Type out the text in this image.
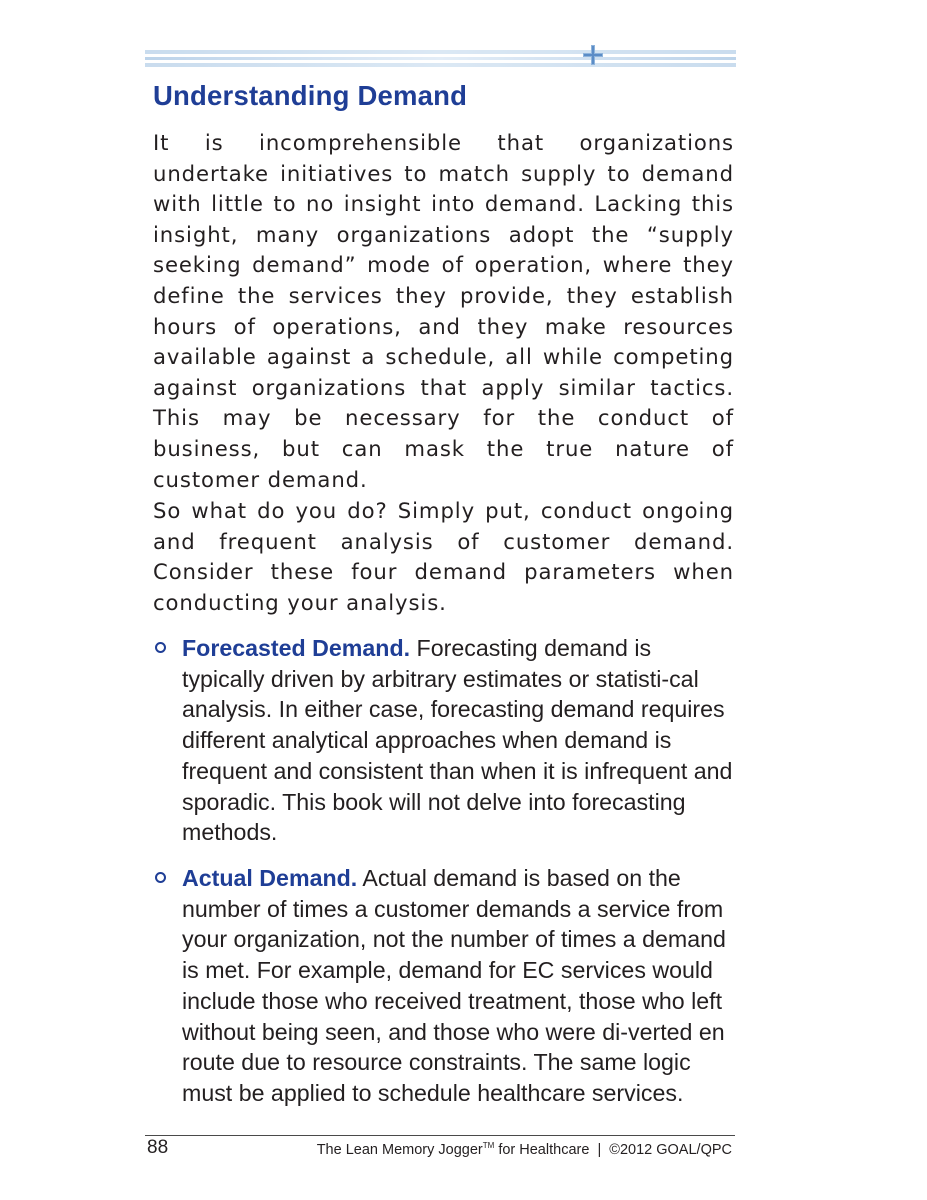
Understanding Demand

It is incomprehensible that organizations undertake initiatives to match supply to demand with little to no insight into demand. Lacking this insight, many organizations adopt the “supply seeking demand” mode of operation, where they define the services they provide, they establish hours of operations, and they make resources available against a schedule, all while competing against organizations that apply similar tactics. This may be necessary for the conduct of business, but can mask the true nature of customer demand.

So what do you do? Simply put, conduct ongoing and frequent analysis of customer demand. Consider these four demand parameters when conducting your analysis.

Forecasted Demand. Forecasting demand is typically driven by arbitrary estimates or statisti-cal analysis. In either case, forecasting demand requires different analytical approaches when demand is frequent and consistent than when it is infrequent and sporadic. This book will not delve into forecasting methods.

Actual Demand. Actual demand is based on the number of times a customer demands a service from your organization, not the number of times a demand is met. For example, demand for EC services would include those who received treatment, those who left without being seen, and those who were di-verted en route due to resource constraints. The same logic must be applied to schedule healthcare services.

88	The Lean Memory Jogger™ for Healthcare  |  ©2012 GOAL/QPC
